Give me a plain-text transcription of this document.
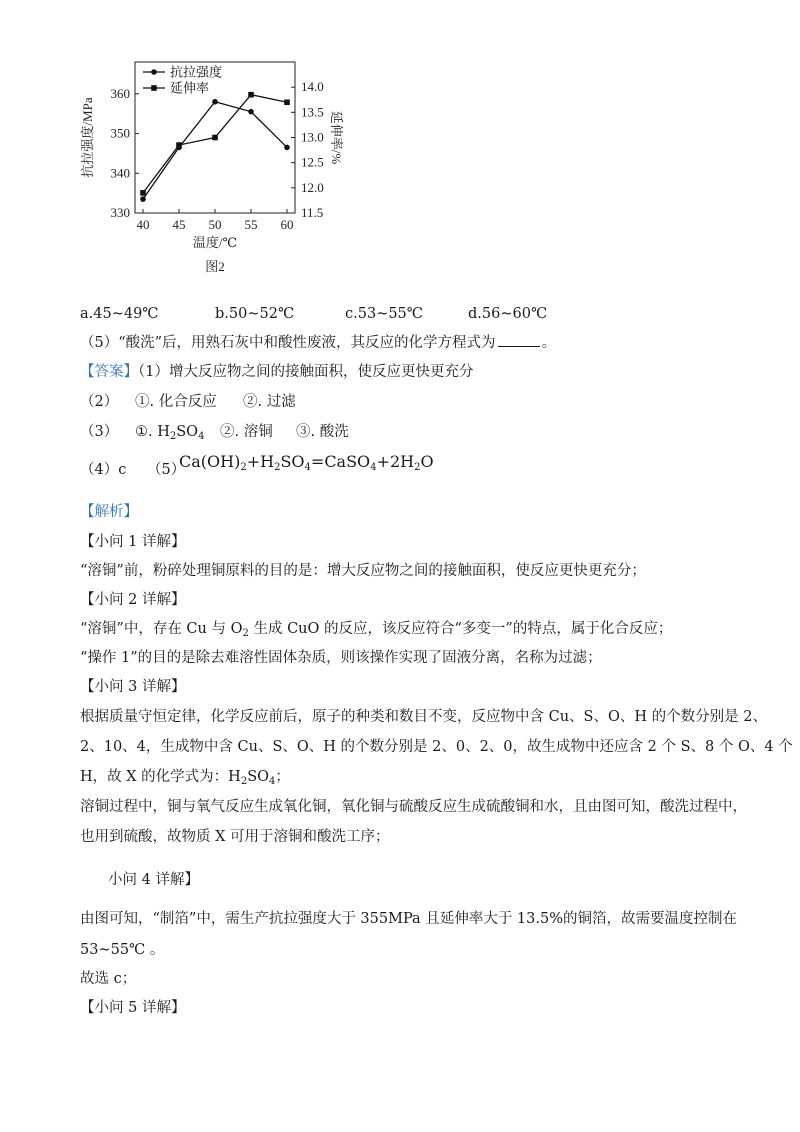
40 45 50 55 60
330
340
350
360
11.5
12.0
12.5
13.0
13.5
14.0
抗拉强度/MPa	延伸率/%
温度/℃
图2
抗拉强度
延伸率
a.45~49℃	b.50~52℃	c.53~55℃	d.56~60℃
（5）“酸洗”后，用熟石灰中和酸性废液，其反应的化学方程式为	。
【答案】（1）增大反应物之间的接触面积，使反应更快更充分
（2） ①. 化合反应 ②. 过滤
（3） ①. $H_2SO_4$ ②. 溶铜 ③. 酸洗
（4）c （5）
$Ca(OH)_2+H_2SO_4=CaSO_4+2H_2O$
【解析】
【小问 1 详解】
“溶铜”前，粉碎处理铜原料的目的是：增大反应物之间的接触面积，使反应更快更充分；
【小问 2 详解】
“溶铜”中，存在 Cu 与 $O_2$ 生成 CuO 的反应，该反应符合“多变一”的特点，属于化合反应；
“操作 1”的目的是除去难溶性固体杂质，则该操作实现了固液分离，名称为过滤；
【小问 3 详解】
根据质量守恒定律，化学反应前后，原子的种类和数目不变，反应物中含 Cu、S、O、H 的个数分别是 2、
2、10、4，生成物中含 Cu、S、O、H 的个数分别是 2、0、2、0，故生成物中还应含 2 个 S、8 个 O、4 个
H，故 X 的化学式为：$H_2SO_4$；
溶铜过程中，铜与氧气反应生成氧化铜，氧化铜与硫酸反应生成硫酸铜和水，且由图可知，酸洗过程中，
也用到硫酸，故物质 X 可用于溶铜和酸洗工序；
小问 4 详解】
由图可知，“制箔”中，需生产抗拉强度大于 355MPa 且延伸率大于 13.5%的铜箔，故需要温度控制在
53~55℃ 。
故选 c；
【小问 5 详解】
